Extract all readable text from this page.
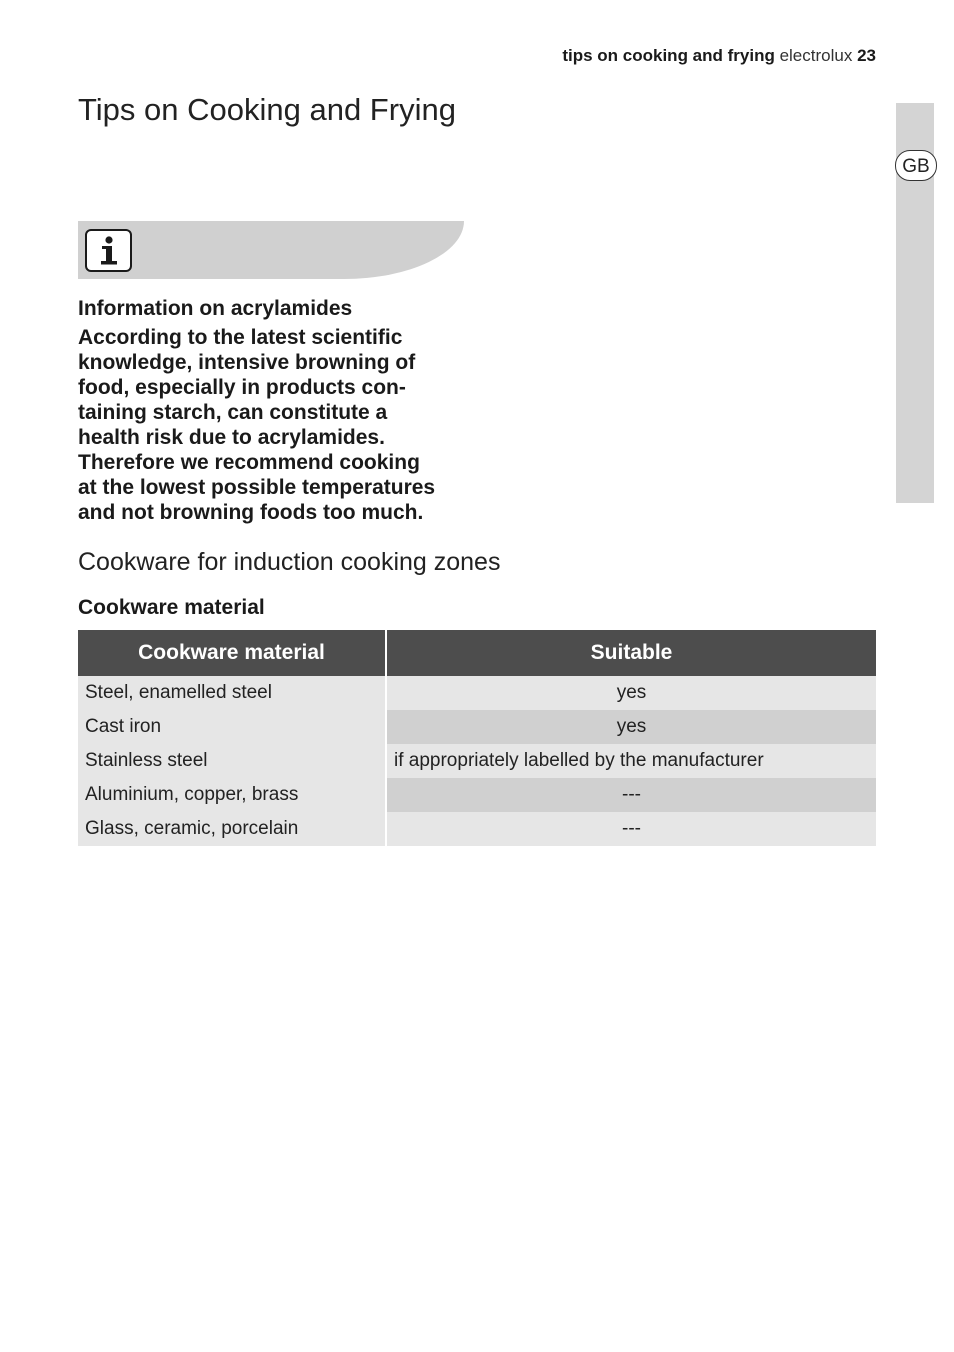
tips on cooking and frying electrolux 23
GB
Tips on Cooking and Frying

Information on acrylamides

According to the latest scientific
knowledge, intensive browning of
food, especially in products con-
taining starch, can constitute a
health risk due to acrylamides.
Therefore we recommend cooking
at the lowest possible temperatures
and not browning foods too much.

Cookware for induction cooking zones
Cookware material
Cookware material	Suitable
Steel, enamelled steel	yes
Cast iron	yes
Stainless steel	if appropriately labelled by the manufacturer
Aluminium, copper, brass	---
Glass, ceramic, porcelain	---
